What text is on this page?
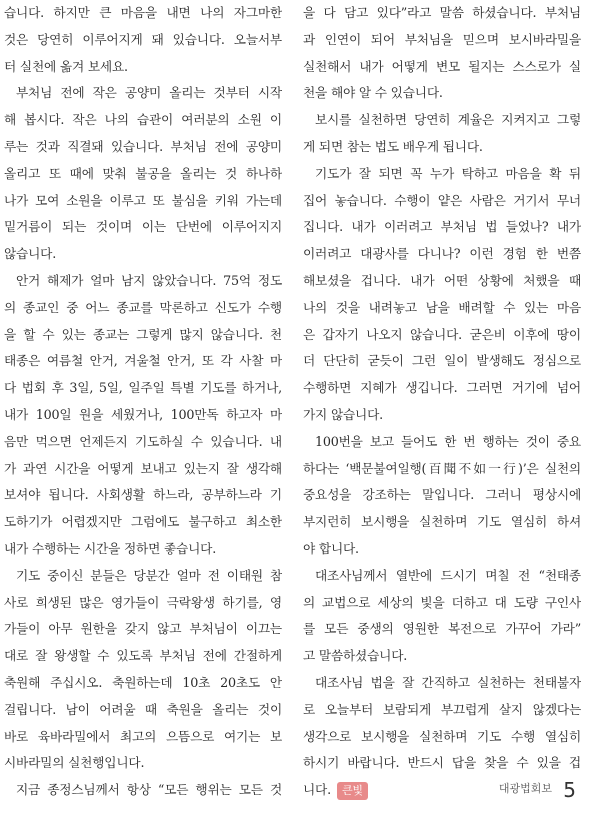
습니다. 하지만 큰 마음을 내면 나의 자그마한
것은 당연히 이루어지게 돼 있습니다. 오늘서부
터 실천에 옮겨 보세요.
부처님 전에 작은 공양미 올리는 것부터 시작
해 봅시다. 작은 나의 습관이 여러분의 소원 이
루는 것과 직결돼 있습니다. 부처님 전에 공양미
올리고 또 때에 맞춰 불공을 올리는 것 하나하
나가 모여 소원을 이루고 또 불심을 키워 가는데
밑거름이 되는 것이며 이는 단번에 이루어지지
않습니다.
안거 해제가 얼마 남지 않았습니다. 75억 정도
의 종교인 중 어느 종교를 막론하고 신도가 수행
을 할 수 있는 종교는 그렇게 많지 않습니다. 천
태종은 여름철 안거, 겨울철 안거, 또 각 사찰 마
다 법회 후 3일, 5일, 일주일 특별 기도를 하거나,
내가 100일 원을 세웠거나, 100만독 하고자 마
음만 먹으면 언제든지 기도하실 수 있습니다. 내
가 과연 시간을 어떻게 보내고 있는지 잘 생각해
보셔야 됩니다. 사회생활 하느라, 공부하느라 기
도하기가 어렵겠지만 그럼에도 불구하고 최소한
내가 수행하는 시간을 정하면 좋습니다.
기도 중이신 분들은 당분간 얼마 전 이태원 참
사로 희생된 많은 영가들이 극락왕생 하기를, 영
가들이 아무 원한을 갖지 않고 부처님이 이끄는
대로 잘 왕생할 수 있도록 부처님 전에 간절하게
축원해 주십시오. 축원하는데 10초 20초도 안
걸립니다. 남이 어려울 때 축원을 올리는 것이
바로 육바라밀에서 최고의 으뜸으로 여기는 보
시바라밀의 실천행입니다.
지금 종정스님께서 항상 “모든 행위는 모든 것
을 다 담고 있다”라고 말씀 하셨습니다. 부처님
과 인연이 되어 부처님을 믿으며 보시바라밀을
실천해서 내가 어떻게 변모 될지는 스스로가 실
천을 해야 알 수 있습니다.
보시를 실천하면 당연히 계율은 지켜지고 그렇
게 되면 참는 법도 배우게 됩니다.
기도가 잘 되면 꼭 누가 탁하고 마음을 확 뒤
집어 놓습니다. 수행이 얕은 사람은 거기서 무너
집니다. 내가 이러려고 부처님 법 들었나? 내가
이러려고 대광사를 다니나? 이런 경험 한 번쯤
해보셨을 겁니다. 내가 어떤 상황에 처했을 때
나의 것을 내려놓고 남을 배려할 수 있는 마음
은 갑자기 나오지 않습니다. 굳은비 이후에 땅이
더 단단히 굳듯이 그런 일이 발생해도 정심으로
수행하면 지혜가 생깁니다. 그러면 거기에 넘어
가지 않습니다.
100번을 보고 들어도 한 번 행하는 것이 중요
하다는 ‘백문불여일행(百聞不如一行)’은 실천의
중요성을 강조하는 말입니다. 그러니 평상시에
부지런히 보시행을 실천하며 기도 열심히 하셔
야 합니다.
대조사님께서 열반에 드시기 며칠 전 “천태종
의 교법으로 세상의 빛을 더하고 대 도량 구인사
를 모든 중생의 영원한 복전으로 가꾸어 가라”
고 말씀하셨습니다.
대조사님 법을 잘 간직하고 실천하는 천태불자
로 오늘부터 보람되게 부끄럽게 살지 않겠다는
생각으로 보시행을 실천하며 기도 수행 열심히
하시기 바랍니다. 반드시 답을 찾을 수 있을 겁
니다. 큰빛	대광법회보 5
